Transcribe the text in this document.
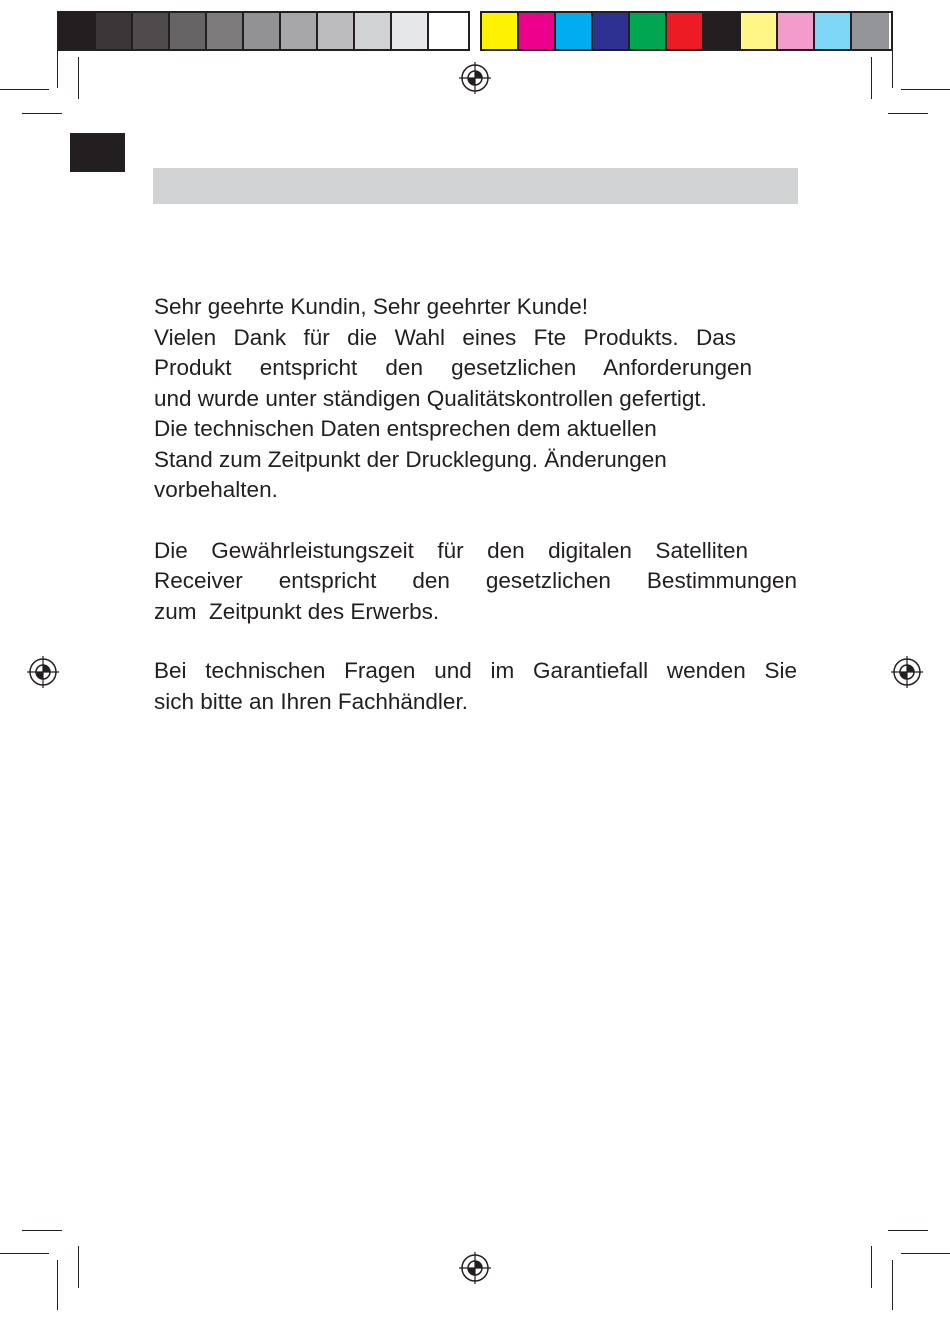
Sehr geehrte Kundin, Sehr geehrter Kunde!
Vielen Dank für die Wahl eines Fte Produkts. Das
Produkt entspricht den gesetzlichen Anforderungen
und wurde unter ständigen Qualitätskontrollen gefertigt.
Die technischen Daten entsprechen dem aktuellen
Stand zum Zeitpunkt der Drucklegung. Änderungen
vorbehalten.

Die Gewährleistungszeit für den digitalen Satelliten
Receiver entspricht den gesetzlichen Bestimmungen
zum  Zeitpunkt des Erwerbs.

Bei technischen Fragen und im Garantiefall wenden Sie
sich bitte an Ihren Fachhändler.
